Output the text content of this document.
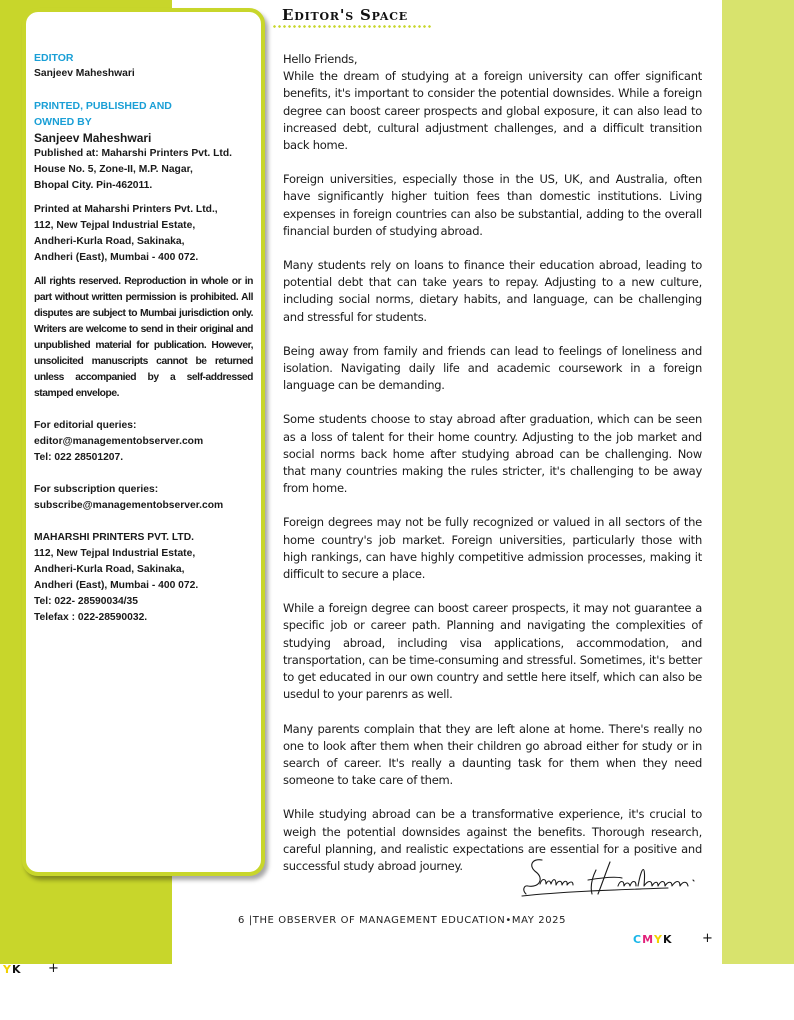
EDITOR
Sanjeev Maheshwari
PRINTED, PUBLISHED AND
OWNED BY
Sanjeev Maheshwari
Published at: Maharshi Printers Pvt. Ltd.
House No. 5, Zone-II, M.P. Nagar,
Bhopal City. Pin-462011.
Printed at Maharshi Printers Pvt. Ltd.,
112, New Tejpal Industrial Estate,
Andheri-Kurla Road, Sakinaka,
Andheri (East), Mumbai - 400 072.
All rights reserved. Reproduction in whole or in part without written permission is prohibited. All disputes are subject to Mumbai jurisdiction only. Writers are welcome to send in their original and unpublished material for publication. However, unsolicited manuscripts cannot be returned unless accompanied by a self-addressed stamped envelope.
For editorial queries:
editor@managementobserver.com
Tel: 022 28501207.
For subscription queries:
subscribe@managementobserver.com
MAHARSHI PRINTERS PVT. LTD.
112, New Tejpal Industrial Estate,
Andheri-Kurla Road, Sakinaka,
Andheri (East), Mumbai - 400 072.
Tel: 022- 28590034/35
Telefax : 022-28590032.
Editor's Space

Hello Friends,

While the dream of studying at a foreign university can offer significant benefits, it's important to consider the potential downsides. While a foreign degree can boost career prospects and global exposure, it can also lead to increased debt, cultural adjustment challenges, and a difficult transition back home.

Foreign universities, especially those in the US, UK, and Australia, often have significantly higher tuition fees than domestic institutions. Living expenses in foreign countries can also be substantial, adding to the overall financial burden of studying abroad.

Many students rely on loans to finance their education abroad, leading to potential debt that can take years to repay. Adjusting to a new culture, including social norms, dietary habits, and language, can be challenging and stressful for students.

Being away from family and friends can lead to feelings of loneliness and isolation. Navigating daily life and academic coursework in a foreign language can be demanding.

Some students choose to stay abroad after graduation, which can be seen as a loss of talent for their home country. Adjusting to the job market and social norms back home after studying abroad can be challenging. Now that many countries making the rules stricter, it's challenging to be away from home.

Foreign degrees may not be fully recognized or valued in all sectors of the home country's job market. Foreign universities, particularly those with high rankings, can have highly competitive admission processes, making it difficult to secure a place.

While a foreign degree can boost career prospects, it may not guarantee a specific job or career path. Planning and navigating the complexities of studying abroad, including visa applications, accommodation, and transportation, can be time-consuming and stressful. Sometimes, it's better to get educated in our own country and settle here itself, which can also be usedul to your parenrs as well.

Many parents complain that they are left alone at home. There's really no one to look after them when their children go abroad either for study or in search of career. It's really a daunting task for them when they need someone to take care of them.

While studying abroad can be a transformative experience, it's crucial to weigh the potential downsides against the benefits. Thorough research, careful planning, and realistic expectations are essential for a positive and successful study abroad journey.

6 |THE OBSERVER OF MANAGEMENT EDUCATION•MAY 2025
CMYK +
YK +
